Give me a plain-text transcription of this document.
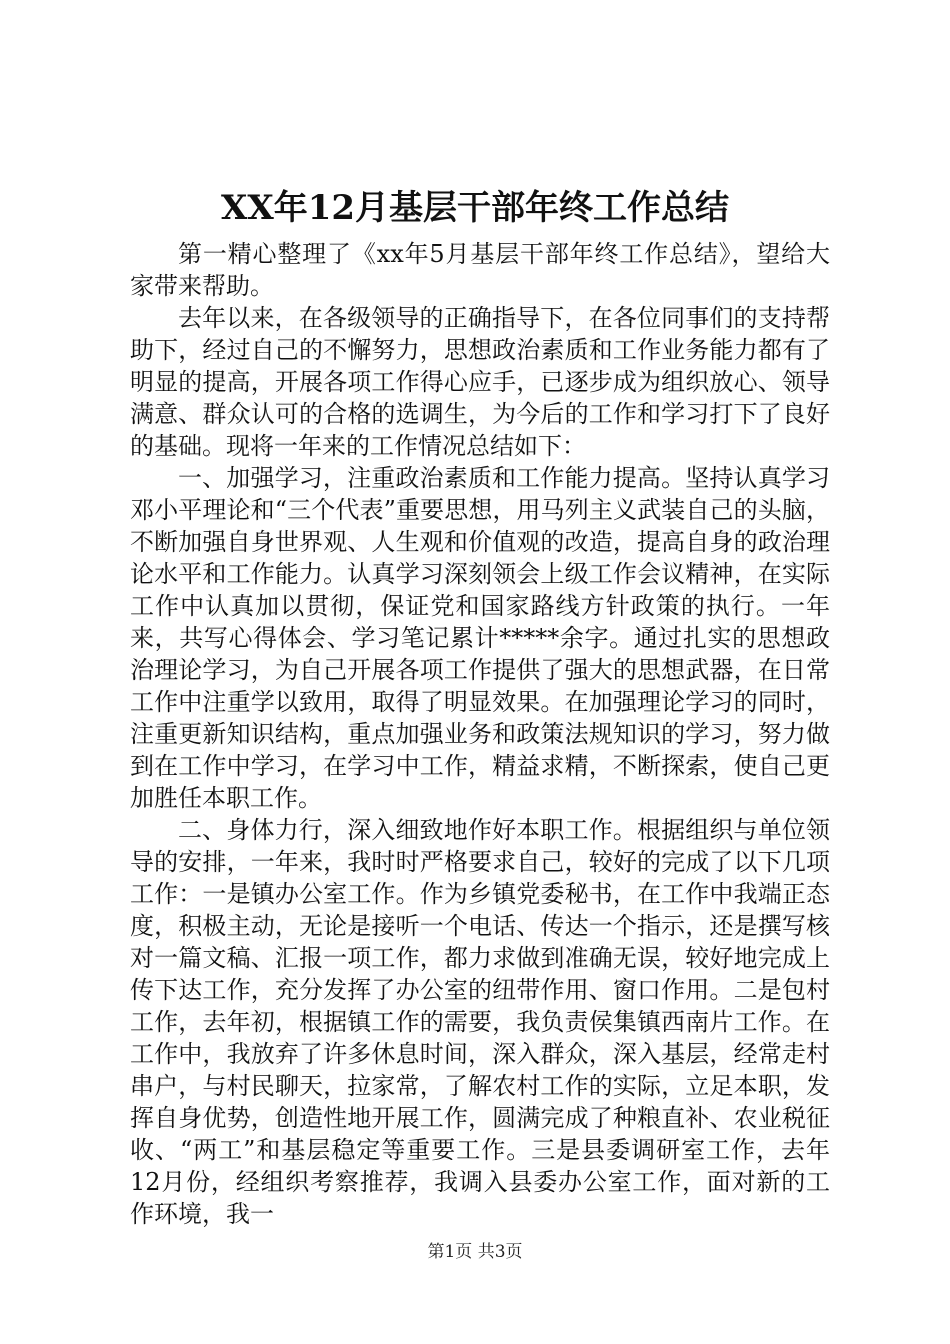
XX年12月基层干部年终工作总结

第一精心整理了《xx年5月基层干部年终工作总结》，望给大家带来帮助。

去年以来，在各级领导的正确指导下，在各位同事们的支持帮助下，经过自己的不懈努力，思想政治素质和工作业务能力都有了明显的提高，开展各项工作得心应手，已逐步成为组织放心、领导满意、群众认可的合格的选调生，为今后的工作和学习打下了良好的基础。现将一年来的工作情况总结如下：

一、加强学习，注重政治素质和工作能力提高。坚持认真学习邓小平理论和“三个代表”重要思想，用马列主义武装自己的头脑，不断加强自身世界观、人生观和价值观的改造，提高自身的政治理论水平和工作能力。认真学习深刻领会上级工作会议精神，在实际工作中认真加以贯彻，保证党和国家路线方针政策的执行。一年来，共写心得体会、学习笔记累计*****余字。通过扎实的思想政治理论学习，为自己开展各项工作提供了强大的思想武器，在日常工作中注重学以致用，取得了明显效果。在加强理论学习的同时，注重更新知识结构，重点加强业务和政策法规知识的学习，努力做到在工作中学习，在学习中工作，精益求精，不断探索，使自己更加胜任本职工作。

二、身体力行，深入细致地作好本职工作。根据组织与单位领导的安排，一年来，我时时严格要求自己，较好的完成了以下几项工作：一是镇办公室工作。作为乡镇党委秘书，在工作中我端正态度，积极主动，无论是接听一个电话、传达一个指示，还是撰写核对一篇文稿、汇报一项工作，都力求做到准确无误，较好地完成上传下达工作，充分发挥了办公室的纽带作用、窗口作用。二是包村工作，去年初，根据镇工作的需要，我负责侯集镇西南片工作。在工作中，我放弃了许多休息时间，深入群众，深入基层，经常走村串户，与村民聊天，拉家常，了解农村工作的实际，立足本职，发挥自身优势，创造性地开展工作，圆满完成了种粮直补、农业税征收、“两工”和基层稳定等重要工作。三是县委调研室工作，去年12月份，经组织考察推荐，我调入县委办公室工作，面对新的工作环境，我一

第1页 共3页
